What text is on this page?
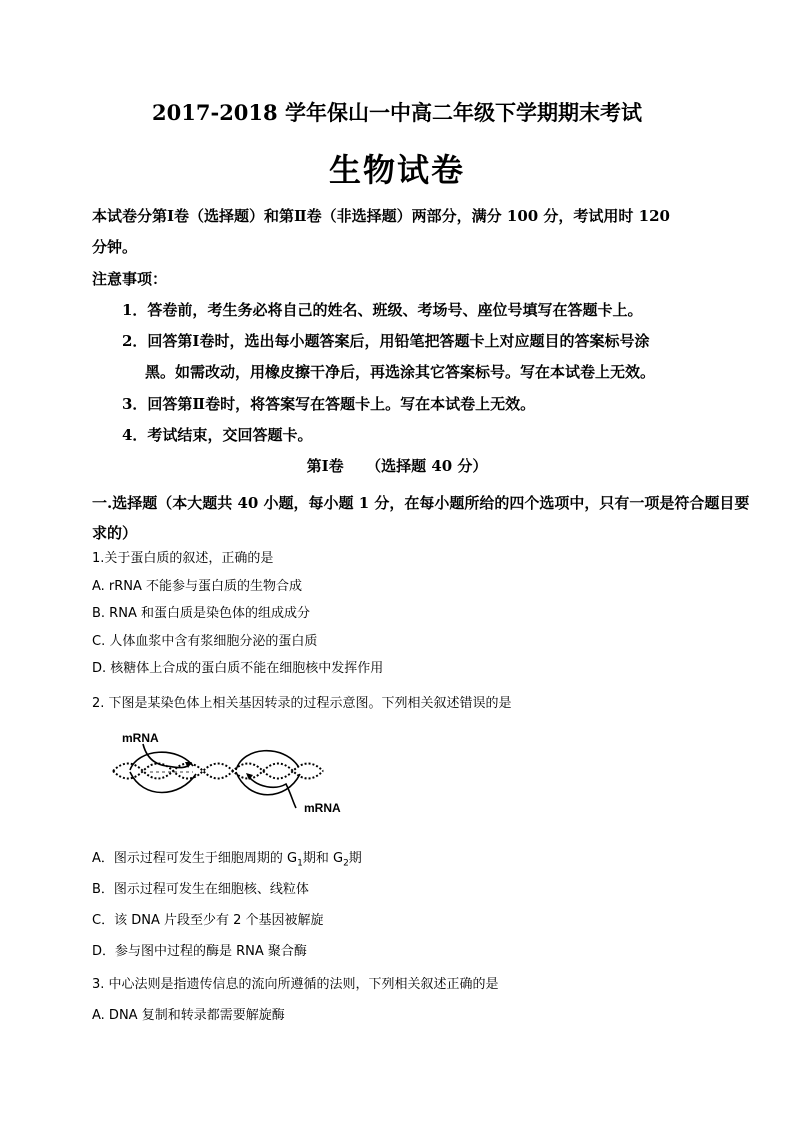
2017-2018 学年保山一中高二年级下学期期末考试
生物试卷
本试卷分第Ⅰ卷（选择题）和第Ⅱ卷（非选择题）两部分，满分 100 分，考试用时 120
分钟。
注意事项：
1．答卷前，考生务必将自己的姓名、班级、考场号、座位号填写在答题卡上。
2．回答第Ⅰ卷时，选出每小题答案后，用铅笔把答题卡上对应题目的答案标号涂
黑。如需改动，用橡皮擦干净后，再选涂其它答案标号。写在本试卷上无效。
3．回答第Ⅱ卷时，将答案写在答题卡上。写在本试卷上无效。
4．考试结束，交回答题卡。
第Ⅰ卷　　（选择题 40 分）
一.选择题（本大题共 40 小题，每小题 1 分，在每小题所给的四个选项中，只有一项是符合题目要
求的）
1.关于蛋白质的叙述，正确的是
A. rRNA 不能参与蛋白质的生物合成
B. RNA 和蛋白质是染色体的组成成分
C. 人体血浆中含有浆细胞分泌的蛋白质
D. 核糖体上合成的蛋白质不能在细胞核中发挥作用
2. 下图是某染色体上相关基因转录的过程示意图。下列相关叙述错误的是
mRNA
mRNA
A．图示过程可发生于细胞周期的 $G_1$期和 $G_2$期
B．图示过程可发生在细胞核、线粒体
C．该 DNA 片段至少有 2 个基因被解旋
D．参与图中过程的酶是 RNA 聚合酶
3. 中心法则是指遗传信息的流向所遵循的法则，下列相关叙述正确的是
A. DNA 复制和转录都需要解旋酶
